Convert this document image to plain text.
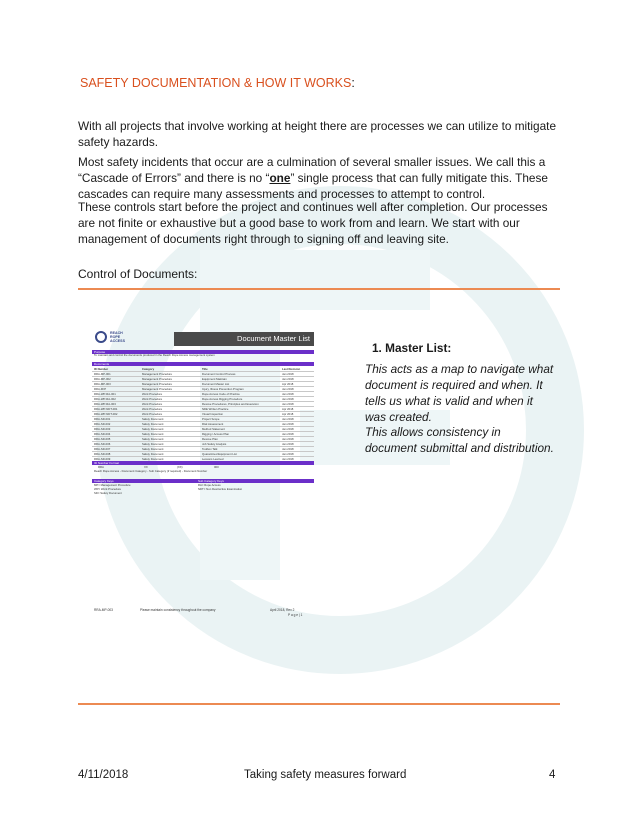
SAFETY DOCUMENTATION & HOW IT WORKS:
With all projects that involve working at height there are processes we can utilize to mitigate safety hazards.
Most safety incidents that occur are a culmination of several smaller issues. We call this a “Cascade of Errors” and there is no “one” single process that can fully mitigate this. These cascades can require many assessments and processes to attempt to control.
These controls start before the project and continues well after completion. Our processes are not finite or exhaustive but a good base to work from and learn. We start with our management of documents right through to signing off and leaving site.
Control of Documents:
REACH
ROPE
ACCESS	Document Master List
Purpose
To maintain and control the documents produced in the Reach Rope Access management system
Documents
ID Number	Category	Title	Last Revision
RRA-MP-001	Management Procedure	Document Control Process	Jan 2018
RRA-MP-002	Management Procedure	Equipment Maintain	Jan 2018
RRA-MP-003	Management Procedure	Document Master List	Apr 2018
RRA-FFP	Management Procedure	Injury, Illness Prevention Program	Jan 2018
RRA-WP-RA-001	Work Procedure	Rope Access Code of Practice	Jan 2018
RRA-WP-RA-002	Work Procedure	Rope Access Rigging Procedure	Jan 2018
RRA-WP-RA-003	Work Procedure	Rescue Procedures, Principles and Execution	Jan 2018
RRA-WP-NDT-001	Work Procedure	NDE Written Practice	Apr 2018
RRA-WP-NDT-002	Work Procedure	Visual Inspection	Apr 2018
RRA-SD-001	Safety Document	Project Scope	Jan 2018
RRA-SD-002	Safety Document	Risk Assessment	Jan 2018
RRA-SD-003	Safety Document	Method Statement	Jan 2018
RRA-SD-004	Safety Document	Rigging / Access Plan	Jan 2018
RRA-SD-005	Safety Document	Rescue Plan	Jan 2018
RRA-SD-006	Safety Document	Job Safety Analysis	Jan 2018
RRA-SD-007	Safety Document	Toolbox Talk	Jan 2018
RRA-SD-008	Safety Document	Quarantined Equipment List	Jan 2018
RRA-SD-009	Safety Document	Lessons Learned	Jan 2018
ID Number Format
RRA	XX	(XX)	000
Reach Rope Access - Document Category - Sub Category (if required) - Document Number
Category Keys	Sub Category Keys
MP= Management Procedure
WP= Work Procedure
SD= Safety Document
RA= Rope Access
NDT= Non Destructive Examination
RRA-MP-003	Please maintain consistency throughout the company	April 2018, Rev 2
P a g e | 1
1. Master List:
This acts as a map to navigate what document is required and when. It tells us what is valid and when it was created.
This allows consistency in document submittal and distribution.
4/11/2018	Taking safety measures forward	4
